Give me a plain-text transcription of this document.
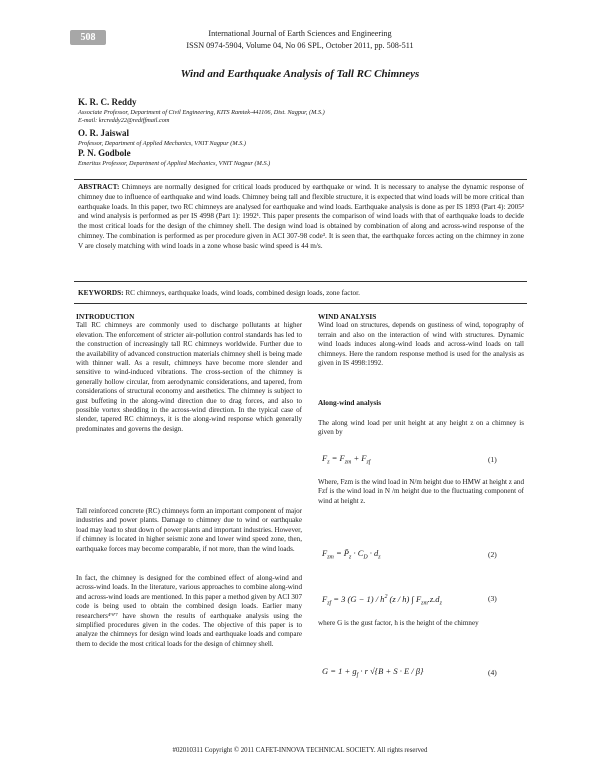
508	International Journal of Earth Sciences and Engineering
ISSN 0974-5904, Volume 04, No 06 SPL, October 2011, pp. 508-511
Wind and Earthquake Analysis of Tall RC Chimneys
K. R. C. Reddy
Associate Professor, Department of Civil Engineering, KITS Ramtek-441106, Dist. Nagpur, (M.S.)
E-mail: krcreddy22@rediffmail.com
O. R. Jaiswal
Professor, Department of Applied Mechanics, VNIT Nagpur (M.S.)
P. N. Godbole
Emeritus Professor, Department of Applied Mechanics, VNIT Nagpur (M.S.)
ABSTRACT: Chimneys are normally designed for critical loads produced by earthquake or wind. It is necessary to analyse the dynamic response of chimney due to influence of earthquake and wind loads. Chimney being tall and flexible structure, it is expected that wind loads will be more critical than earthquake loads. In this paper, two RC chimneys are analysed for earthquake and wind loads. Earthquake analysis is done as per IS 1893 (Part 4): 2005² and wind analysis is performed as per IS 4998 (Part 1): 1992¹. This paper presents the comparison of wind loads with that of earthquake loads to decide the most critical loads for the design of the chimney shell. The design wind load is obtained by combination of along and across-wind response of the chimney. The combination is performed as per procedure given in ACI 307-98 code³. It is seen that, the earthquake forces acting on the chimney in zone V are closely matching with wind loads in a zone whose basic wind speed is 44 m/s.
KEYWORDS: RC chimneys, earthquake loads, wind loads, combined design loads, zone factor.
INTRODUCTION
Tall RC chimneys are commonly used to discharge pollutants at higher elevation. The enforcement of stricter air-pollution control standards has led to the construction of increasingly tall RC chimneys worldwide. Further due to the availability of advanced construction materials chimney shell is being made with thinner wall. As a result, chimneys have become more slender and sensitive to wind-induced vibrations. The cross-section of the chimney is generally hollow circular, from aerodynamic considerations, and tapered, from considerations of structural economy and aesthetics. The chimney is subject to gust buffeting in the along-wind direction due to drag forces, and also to possible vortex shedding in the across-wind direction. In the typical case of slender, tapered RC chimneys, it is the along-wind response which generally predominates and governs the design.
Tall reinforced concrete (RC) chimneys form an important component of major industries and power plants. Damage to chimney due to wind or earthquake load may lead to shut down of power plants and important industries. However, if chimney is located in higher seismic zone and lower wind speed zone, then, earthquake forces may become comparable, if not more, than the wind loads.
In fact, the chimney is designed for the combined effect of along-wind and across-wind loads. In the literature, various approaches to combine along-wind and across-wind loads are mentioned. In this paper a method given by ACI 307 code is being used to obtain the combined design loads. Earlier many researchers⁴'⁶'⁷ have shown the results of earthquake analysis using the simplified procedures given in the codes. The objective of this paper is to analyze the chimneys for design wind loads and earthquake loads and compare them to decide the most critical loads for the design of chimney shell.
WIND ANALYSIS
Wind load on structures, depends on gustiness of wind, topography of terrain and also on the interaction of wind with structures. Dynamic wind loads induces along-wind loads and across-wind loads on tall chimneys. Here the random response method is used for the analysis as given in IS 4998:1992.
Along-wind analysis
The along wind load per unit height at any height z on a chimney is given by
$F_z = F_{zm} + F_{zf}$	(1)
Where, Fzm is the wind load in N/m height due to HMW at height z and Fzf is the wind load in N /m height due to the fluctuating component of wind at height z.
$F_{zm}$ = $P̄_z \cdot C_D \cdot d_z$	(2)
$F_{zf} = 3$ $(G - 1) / h^2$ (z / h) ∫ $F_{zm}.z.d_z$
(3)
where G is the gust factor, h is the height of the chimney
$G = 1 + g_f \cdot r$ √{B + S · E / β}	(4)
#02010311 Copyright © 2011 CAFET-INNOVA TECHNICAL SOCIETY. All rights reserved
